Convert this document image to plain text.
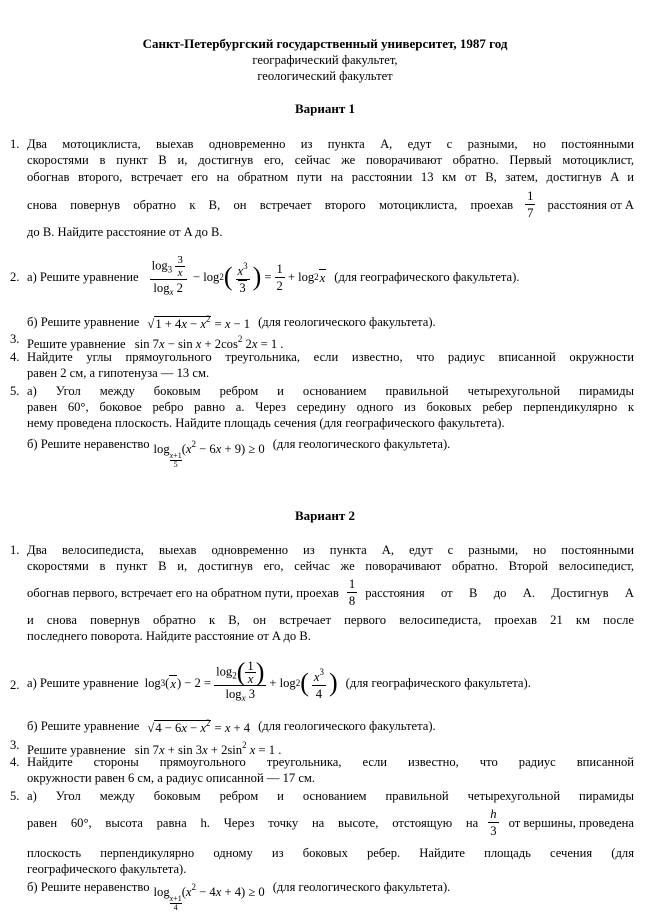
Санкт-Петербургский государственный университет, 1987 год
географический факультет,
геологический факультет
Вариант 1
1. Два мотоциклиста, выехав одновременно из пункта A, едут с разными, но постоянными
скоростями в пункт B и, достигнув его, сейчас же поворачивают обратно. Первый мотоциклист,
обогнав второго, встречает его на обратном пути на расстоянии 13 км от B, затем, достигнув A и
снова повернув обратно к B, он встречает второго мотоциклиста, проехав $\frac{1}{7}$ расстояния от A
до B. Найдите расстояние от A до B.
2. а) Решите уравнение $\frac{\log_3 \frac{3}{x}}{\log_x 2} - \log 2$ ( $\frac{x^3}{3}$ ) = $\frac{1}{2} + \log 2$ x (для географического факультета).
б) Решите уравнение $√1 + 4x - x^2 = x - 1$ (для геологического факультета).
3. Решите уравнение $\sin 7x - \sin x + 2\cos^2$ 2x = 1 .
4. Найдите углы прямоугольного треугольника, если известно, что радиус вписанной окружности
равен 2 см, а гипотенуза — 13 см.
5. а) Угол между боковым ребром и основанием правильной четырехугольной пирамиды
равен 60°, боковое ребро равно a. Через середину одного из боковых ребер перпендикулярно к
нему проведена плоскость. Найдите площадь сечения (для географического факультета).
б) Решите неравенство log
$\frac{x+1}{5}$
$(x^2 - 6x + 9) \ge 0$ (для геологического факультета).
Вариант 2
1. Два велосипедиста, выехав одновременно из пункта A, едут с разными, но постоянными
скоростями в пункт B и, достигнув его, сейчас же поворачивают обратно. Второй велосипедист,
обогнав первого, встречает его на обратном пути, проехав $\frac{1}{8}$ расстояния от B до A. Достигнув A
и снова повернув обратно к B, он встречает первого велосипедиста, проехав 21 км после
последнего поворота. Найдите расстояние от A до B.
2. а) Решите уравнение log 3 ( x ) − $2 = \frac{\log_2( \frac{1}{x} )}{\log_x 3} + \log 2$ ( $\frac{x^3}{4}$ ) (для географического факультета).
б) Решите уравнение $√4 - 6x - x^2 = x + 4$ (для геологического факультета).
3. Решите уравнение $\sin 7x + \sin 3x + 2\sin^2$ x = 1 .
4. Найдите стороны прямоугольного треугольника, если известно, что радиус вписанной
окружности равен 6 см, а радиус описанной — 17 см.
5. а) Угол между боковым ребром и основанием правильной четырехугольной пирамиды
равен 60°, высота равна h. Через точку на высоте, отстоящую на $\frac{h}{3}$ от вершины, проведена
плоскость перпендикулярно одному из боковых ребер. Найдите площадь сечения (для
географического факультета).
б) Решите неравенство log
$\frac{x+1}{4}$
$(x^2 - 4x + 4) \ge 0$ (для геологического факультета).
